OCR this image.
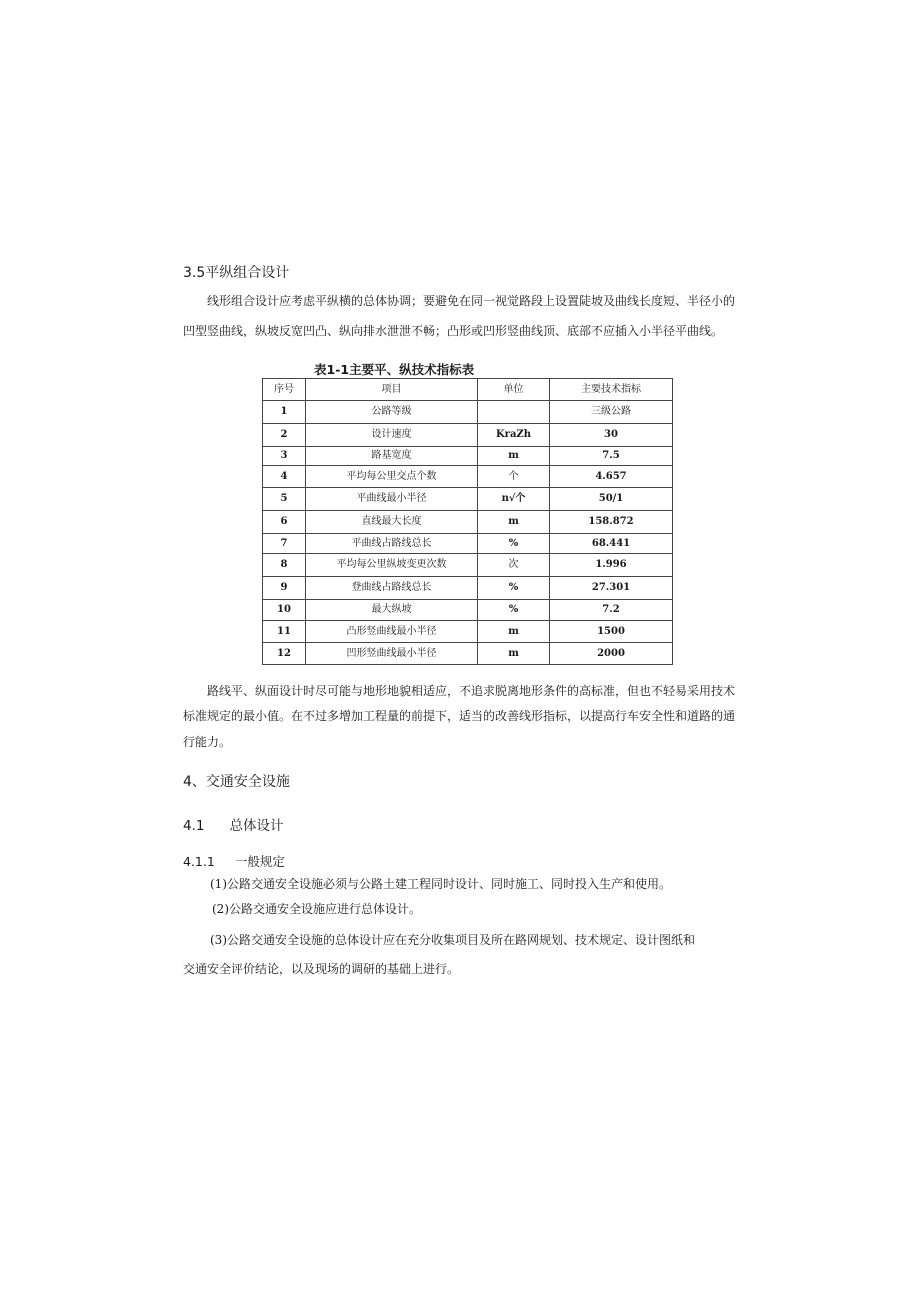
3.5平纵组合设计
线形组合设计应考虑平纵横的总体协调；要避免在同一视觉路段上设置陡坡及曲线长度短、半径小的
凹型竖曲线，纵坡反宽凹凸、纵向排水泄泄不畅；凸形或凹形竖曲线顶、底部不应插入小半径平曲线。
表1-1主要平、纵技术指标表
序号	项目	单位	主要技术指标
1	公路等级		三级公路
2	设计速度	KraZh	30
3	路基宽度	m	7.5
4	平均每公里交点个数	个	4.657
5	平曲线最小半径	n√个	50/1
6	直线最大长度	m	158.872
7	平曲线占路线总长	%	68.441
8	平均每公里纵坡变更次数	次	1.996
9	登曲线占路线总长	%	27.301
10	最大纵坡	%	7.2
11	凸形竖曲线最小半径	m	1500
12	凹形竖曲线最小半径	m	2000
路线平、纵面设计时尽可能与地形地貌相适应，不追求脱离地形条件的高标准，但也不轻易采用技术
标准规定的最小值。在不过多增加工程量的前提下，适当的改善线形指标，以提高行车安全性和道路的通
行能力。
4、交通安全设施
4.1 总体设计
4.1.1 一般规定
(1)公路交通安全设施必须与公路土建工程同时设计、同时施工、同时投入生产和使用。
(2)公路交通安全设施应进行总体设计。
(3)公路交通安全设施的总体设计应在充分收集项目及所在路网规划、技术规定、设计图纸和
交通安全评价结论，以及现场的调研的基础上进行。
